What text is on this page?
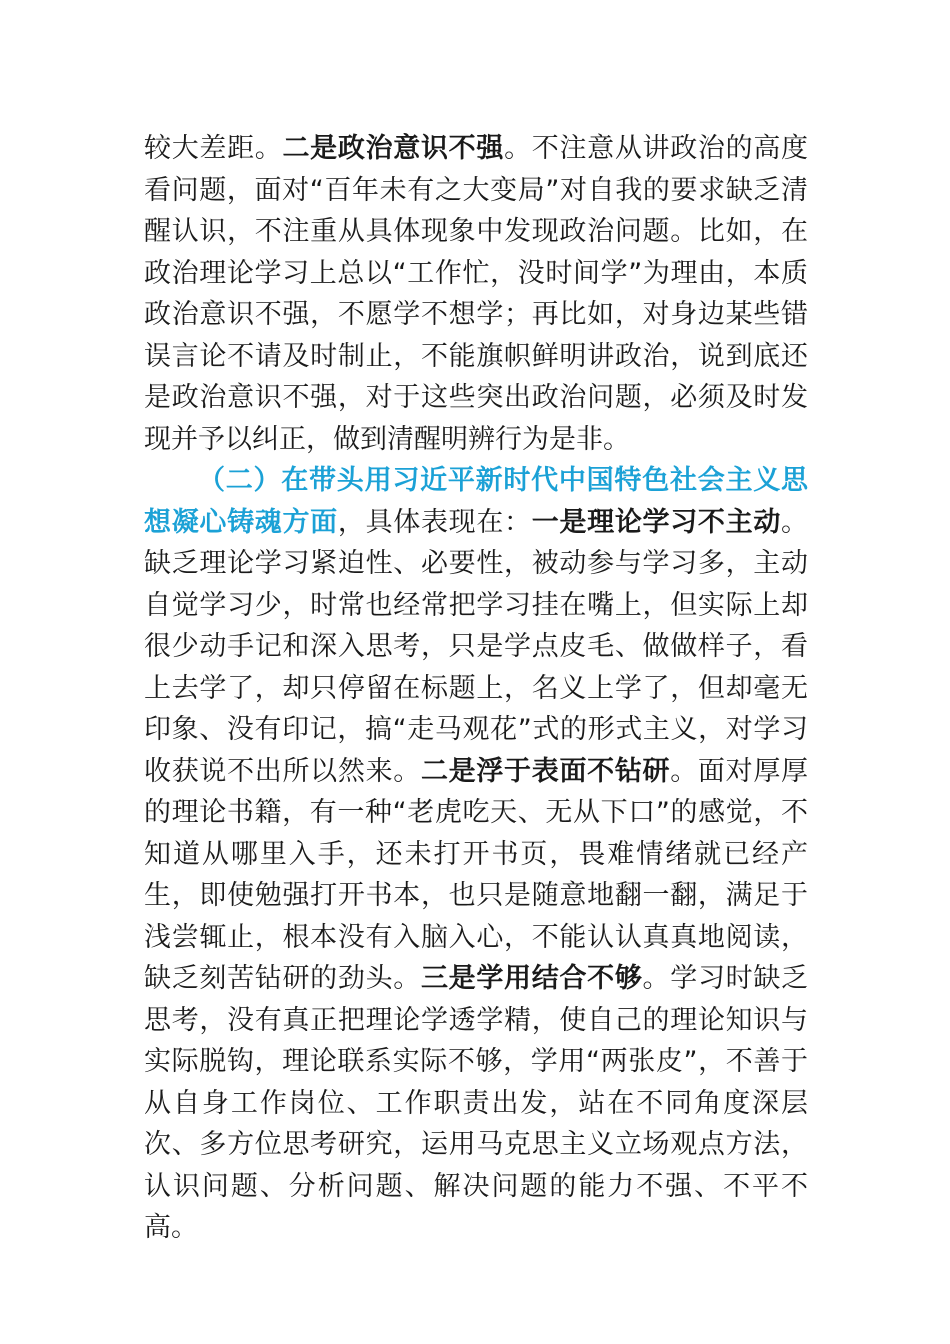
较大差距。二是政治意识不强。不注意从讲政治的高度看问题，面对“百年未有之大变局”对自我的要求缺乏清醒认识，不注重从具体现象中发现政治问题。比如，在政治理论学习上总以“工作忙，没时间学”为理由，本质政治意识不强，不愿学不想学；再比如，对身边某些错误言论不请及时制止，不能旗帜鲜明讲政治，说到底还是政治意识不强，对于这些突出政治问题，必须及时发现并予以纠正，做到清醒明辨行为是非。

（二）在带头用习近平新时代中国特色社会主义思想凝心铸魂方面，具体表现在：一是理论学习不主动。缺乏理论学习紧迫性、必要性，被动参与学习多，主动自觉学习少，时常也经常把学习挂在嘴上，但实际上却很少动手记和深入思考，只是学点皮毛、做做样子，看上去学了，却只停留在标题上，名义上学了，但却毫无印象、没有印记，搞“走马观花”式的形式主义，对学习收获说不出所以然来。二是浮于表面不钻研。面对厚厚的理论书籍，有一种“老虎吃天、无从下口”的感觉，不知道从哪里入手，还未打开书页，畏难情绪就已经产生，即使勉强打开书本，也只是随意地翻一翻，满足于浅尝辄止，根本没有入脑入心，不能认认真真地阅读，缺乏刻苦钻研的劲头。三是学用结合不够。学习时缺乏思考，没有真正把理论学透学精，使自己的理论知识与实际脱钩，理论联系实际不够，学用“两张皮”，不善于从自身工作岗位、工作职责出发，站在不同角度深层次、多方位思考研究，运用马克思主义立场观点方法，认识问题、分析问题、解决问题的能力不强、不平不高。
